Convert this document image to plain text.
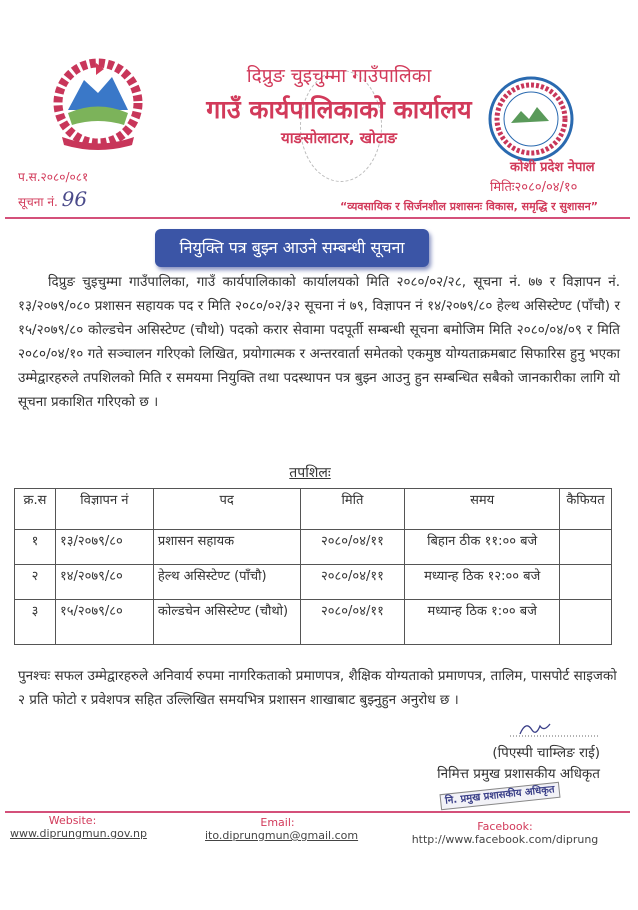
दिप्रुङ चुइचुम्मा गाउँपालिका
गाउँ कार्यपालिकाको कार्यालय
याङसोलाटार, खोटाङ
कोशी प्रदेश नेपाल
मितिः२०८०/०४/१०
प.स.२०८०/०८१
सूचना नं. 96	“व्यवसायिक र सिर्जनशील प्रशासनः विकास, समृद्धि र सुशासन”
नियुक्ति पत्र बुझ्न आउने सम्बन्धी सूचना
दिप्रुङ चुइचुम्मा गाउँपालिका, गाउँ कार्यपालिकाको कार्यालयको मिति २०८०/०२/२८, सूचना नं. ७७ र विज्ञापन नं. १३/२०७९/०८० प्रशासन सहायक पद र मिति २०८०/०२/३२ सूचना नं ७९, विज्ञापन नं १४/२०७९/८० हेल्थ असिस्टेण्ट (पाँचौ) र १५/२०७९/८० कोल्डचेन असिस्टेण्ट (चौथो) पदको करार सेवामा पदपूर्ती सम्बन्धी सूचना बमोजिम मिति २०८०/०४/०९ र मिति २०८०/०४/१० गते सञ्चालन गरिएको लिखित, प्रयोगात्मक र अन्तरवार्ता समेतको एकमुष्ठ योग्यताक्रमबाट सिफारिस हुनु भएका उम्मेद्वारहरुले तपशिलको मिति र समयमा नियुक्ति तथा पदस्थापन पत्र बुझ्न आउनु हुन सम्बन्धित सबैको जानकारीका लागि यो सूचना प्रकाशित गरिएको छ ।
तपशिलः
क्र.स	विज्ञापन नं	पद	मिति	समय	कैफियत
१	१३/२०७९/८०	प्रशासन सहायक	२०८०/०४/११	बिहान ठीक ११:०० बजे	
२	१४/२०७९/८०	हेल्थ असिस्टेण्ट (पाँचौ)	२०८०/०४/११	मध्यान्ह ठिक १२:०० बजे	
३	१५/२०७९/८०	कोल्डचेन असिस्टेण्ट (चौथो)	२०८०/०४/११	मध्यान्ह ठिक १:०० बजे	
पुनश्चः सफल उम्मेद्वारहरुले अनिवार्य रुपमा नागरिकताको प्रमाणपत्र, शैक्षिक योग्यताको प्रमाणपत्र, तालिम, पासपोर्ट साइजको २ प्रति फोटो र प्रवेशपत्र सहित उल्लिखित समयभित्र प्रशासन शाखाबाट बुझ्नुहुन अनुरोध छ ।
(पिएस्पी चाम्लिङ राई)
निमित्त प्रमुख प्रशासकीय अधिकृत
नि. प्रमुख प्रशासकीय अधिकृत
Website:
www.diprungmun.gov.np
Email:
ito.diprungmun@gmail.com
Facebook:
http://www.facebook.com/diprung
